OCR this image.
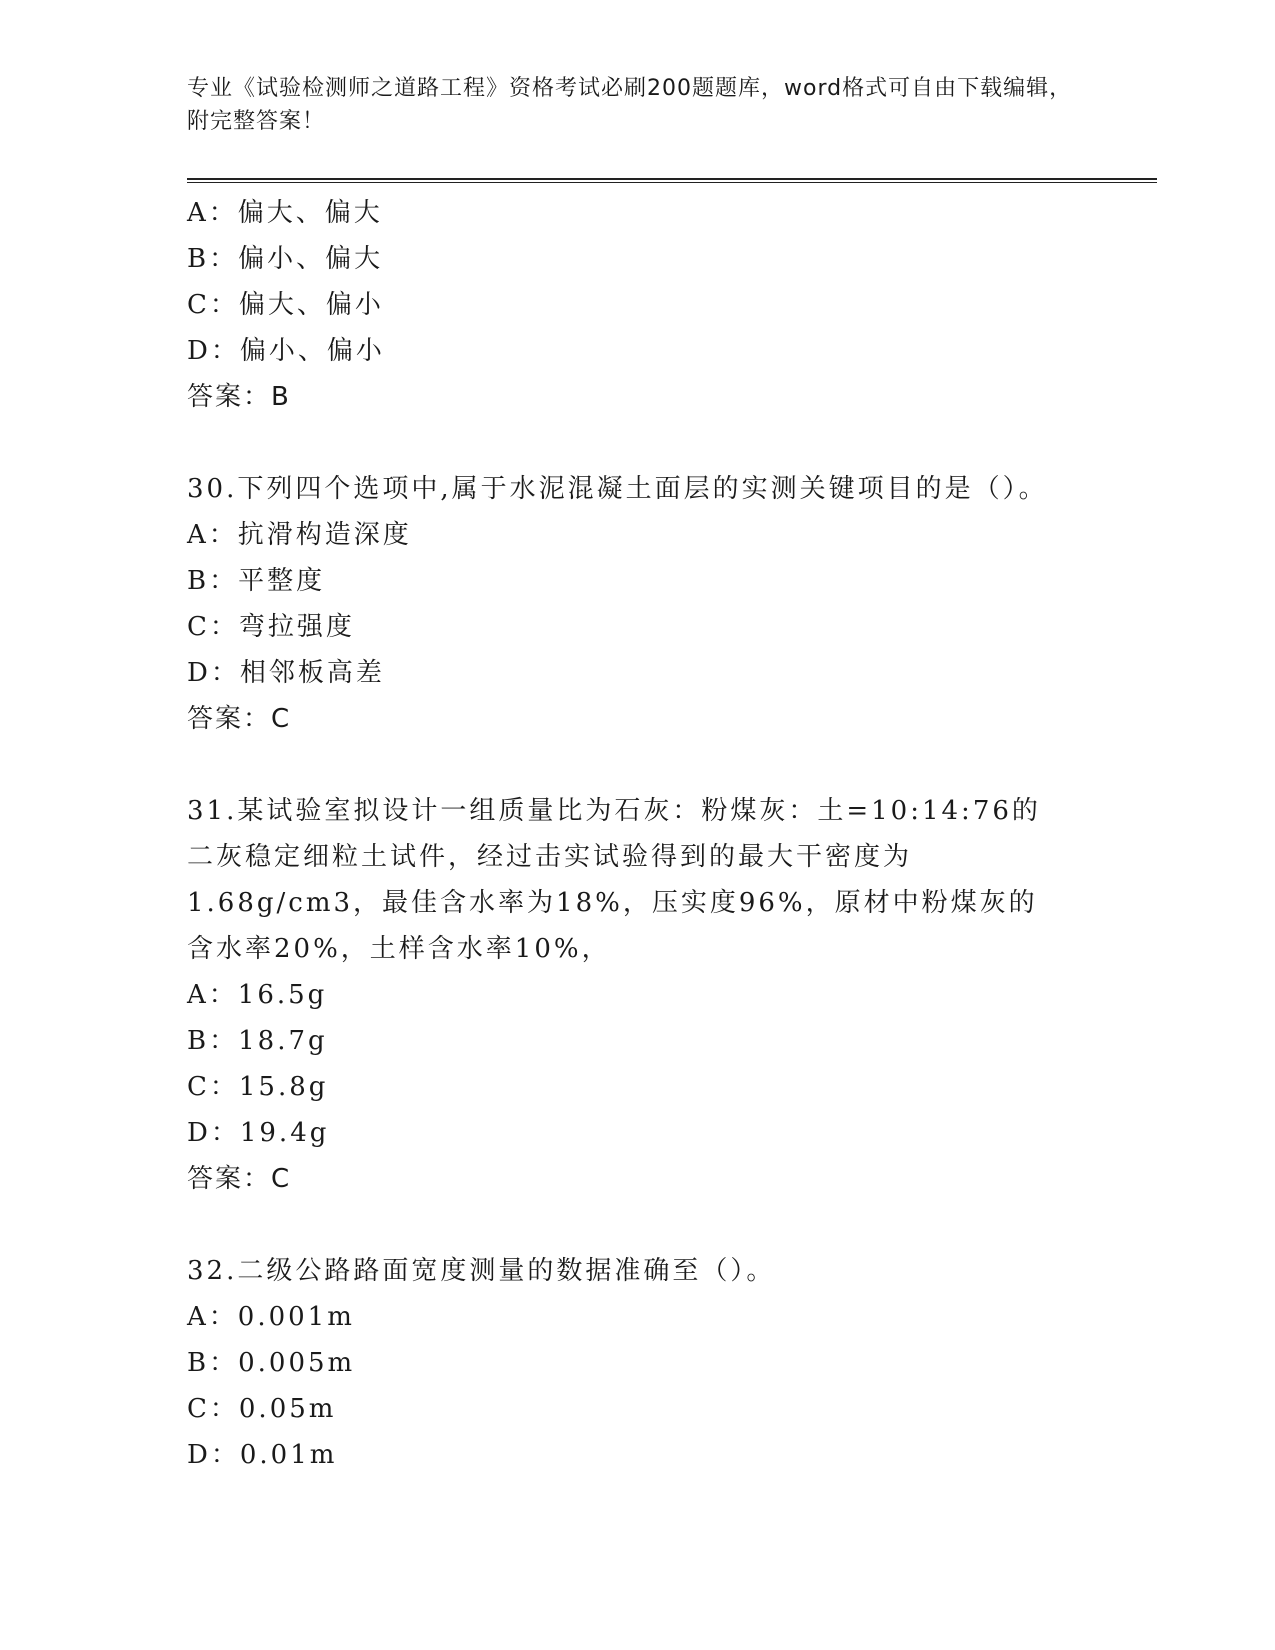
专业《试验检测师之道路工程》资格考试必刷200题题库，word格式可自由下载编辑，附完整答案！
A：偏大、偏大
B：偏小、偏大
C：偏大、偏小
D：偏小、偏小
答案：B
30.下列四个选项中,属于水泥混凝土面层的实测关键项目的是（）。
A：抗滑构造深度
B：平整度
C：弯拉强度
D：相邻板高差
答案：C
31.某试验室拟设计一组质量比为石灰：粉煤灰：土=10:14:76的二灰稳定细粒土试件，经过击实试验得到的最大干密度为1.68g/cm3，最佳含水率为18%，压实度96%，原材中粉煤灰的含水率20%，土样含水率10%，
A：16.5g
B：18.7g
C：15.8g
D：19.4g
答案：C
32.二级公路路面宽度测量的数据准确至（）。
A：0.001m
B：0.005m
C：0.05m
D：0.01m
